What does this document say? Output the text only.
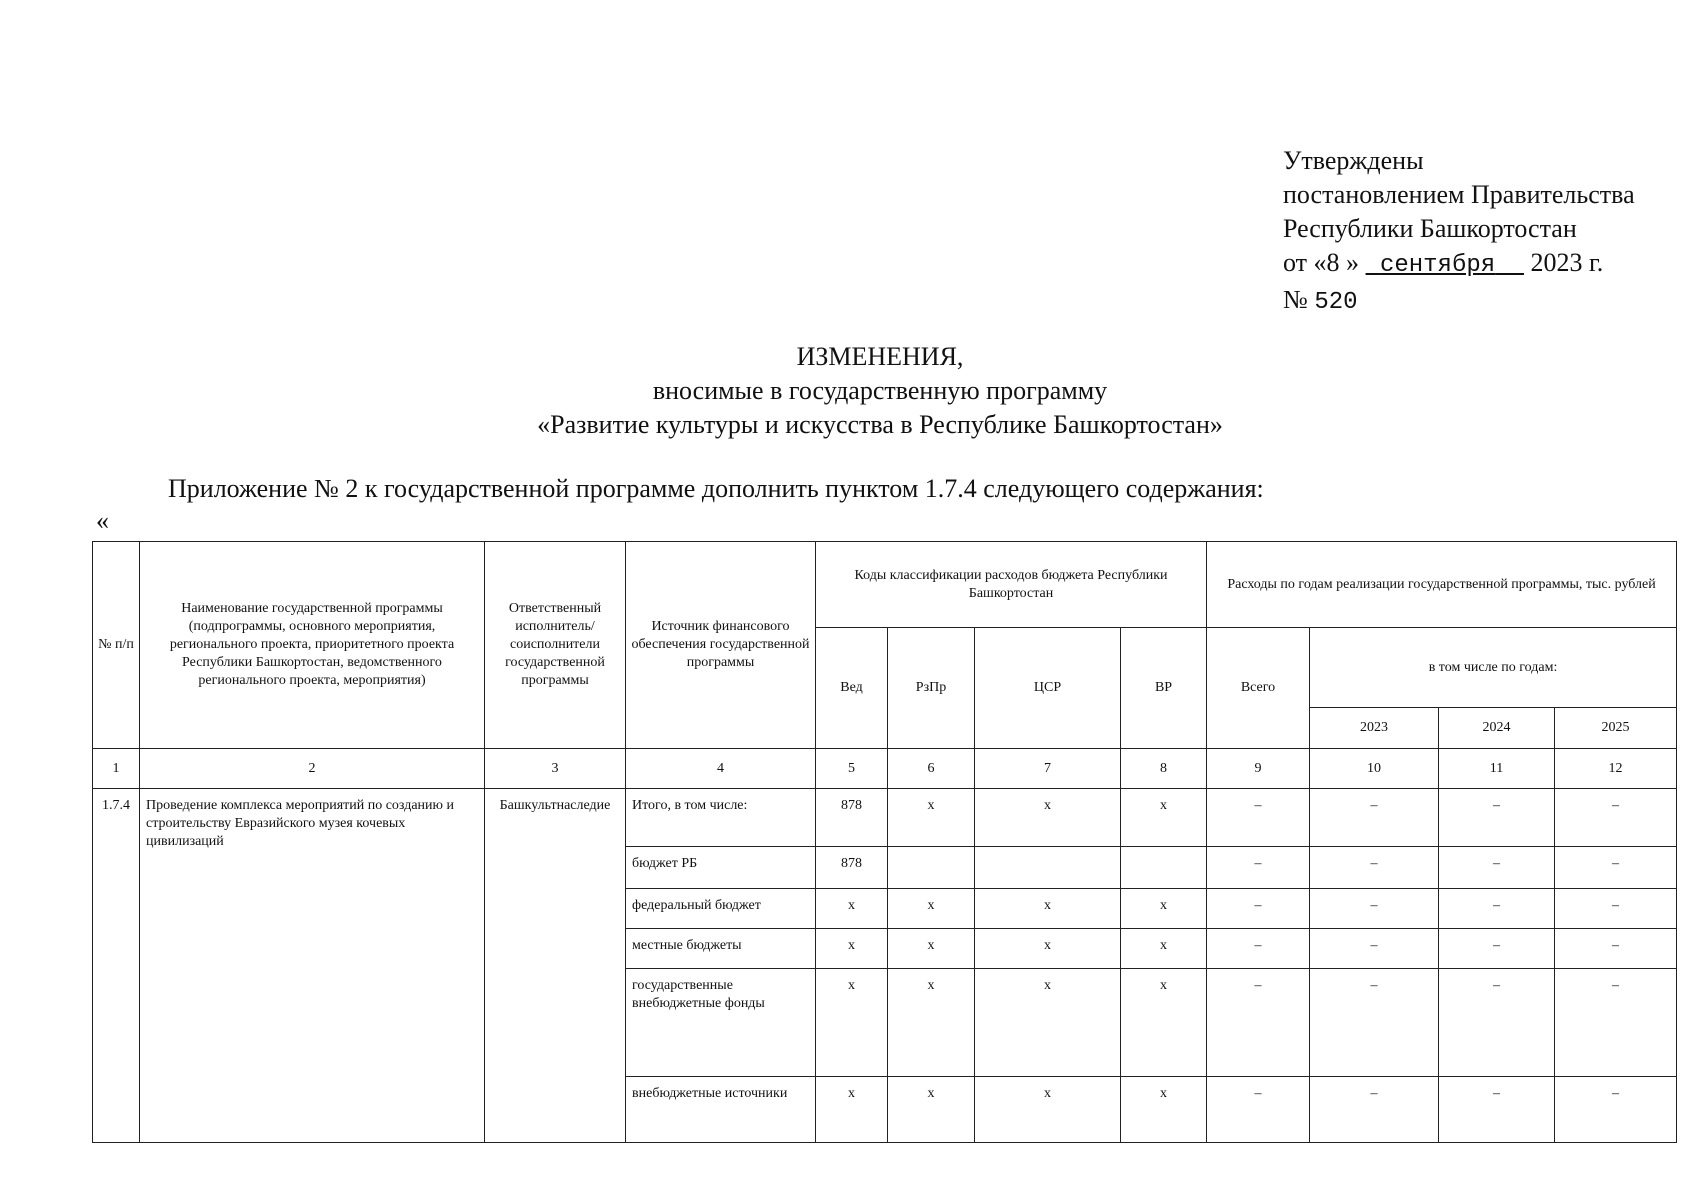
Утверждены
постановлением Правительства
Республики Башкортостан
от «8 » сентября 2023 г.
№ 520
ИЗМЕНЕНИЯ,
вносимые в государственную программу
«Развитие культуры и искусства в Республике Башкортостан»
Приложение № 2 к государственной программе дополнить пунктом 1.7.4 следующего содержания:
«
№ п/п	Наименование государственной программы (подпрограммы, основного мероприятия, регионального проекта, приоритетного проекта Республики Башкортостан, ведомственного регионального проекта, мероприятия)	Ответственный исполнитель/ соисполнители государственной программы	Источник финансового обеспечения государственной программы	Коды классификации расходов бюджета Республики Башкортостан				Расходы по годам реализации государственной программы, тыс. рублей			
				Вед	РзПр	ЦСР	ВР	Всего	в том числе по годам:		
									2023	2024	2025
1	2	3	4	5	6	7	8	9	10	11	12
1.7.4	Проведение комплекса мероприятий по созданию и строительству Евразийского музея кочевых цивилизаций	Башкультнаследие	Итого, в том числе:	878	х	х	х	–	–	–	–
			бюджет РБ	878				–	–	–	–
			федеральный бюджет	х	х	х	х	–	–	–	–
			местные бюджеты	х	х	х	х	–	–	–	–
			государственные внебюджетные фонды	х	х	х	х	–	–	–	–
			внебюджетные источники	х	х	х	х	–	–	–	–
